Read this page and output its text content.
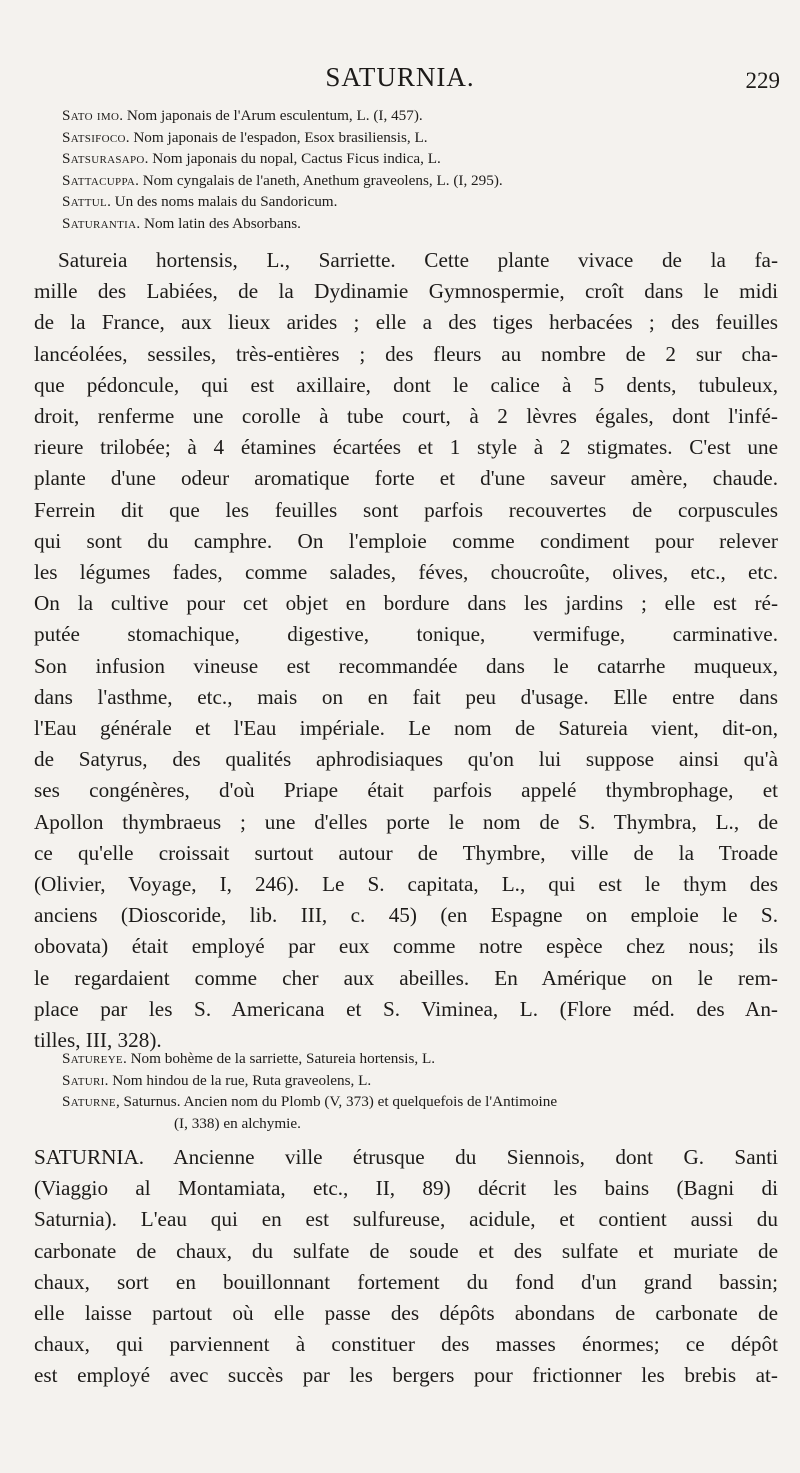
SATURNIA.	229
Sato imo. Nom japonais de l'Arum esculentum, L. (I, 457).
Satsifoco. Nom japonais de l'espadon, Esox brasiliensis, L.
Satsurasapo. Nom japonais du nopal, Cactus Ficus indica, L.
Sattacuppa. Nom cyngalais de l'aneth, Anethum graveolens, L. (I, 295).
Sattul. Un des noms malais du Sandoricum.
Saturantia. Nom latin des Absorbans.
Satureia hortensis, L., Sarriette. Cette plante vivace de la fa-
mille des Labiées, de la Dydinamie Gymnospermie, croît dans le midi
de la France, aux lieux arides ; elle a des tiges herbacées ; des feuilles
lancéolées, sessiles, très-entières ; des fleurs au nombre de 2 sur cha-
que pédoncule, qui est axillaire, dont le calice à 5 dents, tubuleux,
droit, renferme une corolle à tube court, à 2 lèvres égales, dont l'infé-
rieure trilobée; à 4 étamines écartées et 1 style à 2 stigmates. C'est une
plante d'une odeur aromatique forte et d'une saveur amère, chaude.
Ferrein dit que les feuilles sont parfois recouvertes de corpuscules
qui sont du camphre. On l'emploie comme condiment pour relever
les légumes fades, comme salades, féves, choucroûte, olives, etc., etc.
On la cultive pour cet objet en bordure dans les jardins ; elle est ré-
putée stomachique, digestive, tonique, vermifuge, carminative.
Son infusion vineuse est recommandée dans le catarrhe muqueux,
dans l'asthme, etc., mais on en fait peu d'usage. Elle entre dans
l'Eau générale et l'Eau impériale. Le nom de Satureia vient, dit-on,
de Satyrus, des qualités aphrodisiaques qu'on lui suppose ainsi qu'à
ses congénères, d'où Priape était parfois appelé thymbrophage, et
Apollon thymbraeus ; une d'elles porte le nom de S. Thymbra, L., de
ce qu'elle croissait surtout autour de Thymbre, ville de la Troade
(Olivier, Voyage, I, 246). Le S. capitata, L., qui est le thym des
anciens (Dioscoride, lib. III, c. 45) (en Espagne on emploie le S.
obovata) était employé par eux comme notre espèce chez nous; ils
le regardaient comme cher aux abeilles. En Amérique on le rem-
place par les S. Americana et S. Viminea, L. (Flore méd. des An-
tilles, III, 328).
Satureye. Nom bohème de la sarriette, Satureia hortensis, L.
Saturi. Nom hindou de la rue, Ruta graveolens, L.
Saturne, Saturnus. Ancien nom du Plomb (V, 373) et quelquefois de l'Antimoine
(I, 338) en alchymie.
SATURNIA. Ancienne ville étrusque du Siennois, dont G. Santi
(Viaggio al Montamiata, etc., II, 89) décrit les bains (Bagni di
Saturnia). L'eau qui en est sulfureuse, acidule, et contient aussi du
carbonate de chaux, du sulfate de soude et des sulfate et muriate de
chaux, sort en bouillonnant fortement du fond d'un grand bassin;
elle laisse partout où elle passe des dépôts abondans de carbonate de
chaux, qui parviennent à constituer des masses énormes; ce dépôt
est employé avec succès par les bergers pour frictionner les brebis at-
